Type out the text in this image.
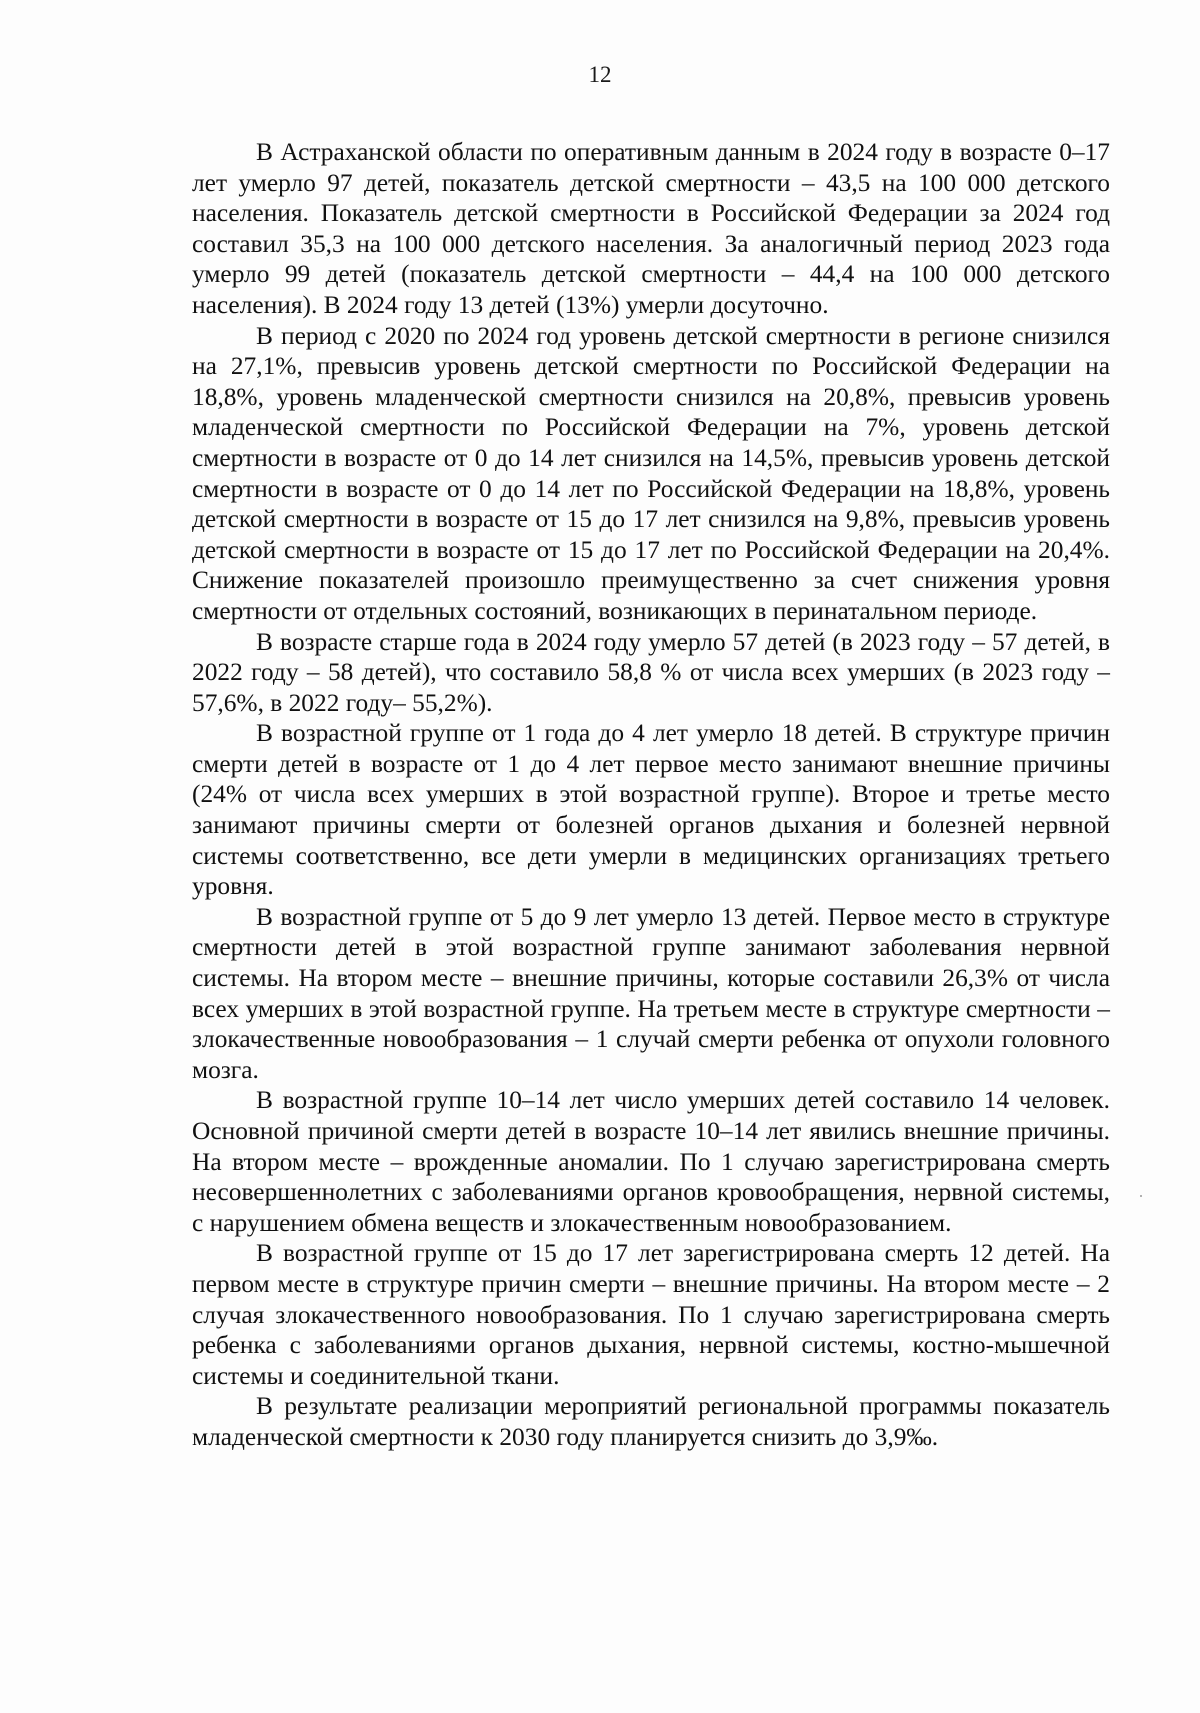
12

В Астраханской области по оперативным данным в 2024 году в возрасте 0–17 лет умерло 97 детей, показатель детской смертности – 43,5 на 100 000 детского населения. Показатель детской смертности в Российской Федерации за 2024 год составил 35,3 на 100 000 детского населения. За аналогичный период 2023 года умерло 99 детей (показатель детской смертности – 44,4 на 100 000 детского населения). В 2024 году 13 детей (13%) умерли досуточно.

В период с 2020 по 2024 год уровень детской смертности в регионе снизился на 27,1%, превысив уровень детской смертности по Российской Федерации на 18,8%, уровень младенческой смертности снизился на 20,8%, превысив уровень младенческой смертности по Российской Федерации на 7%, уровень детской смертности в возрасте от 0 до 14 лет снизился на 14,5%, превысив уровень детской смертности в возрасте от 0 до 14 лет по Российской Федерации на 18,8%, уровень детской смертности в возрасте от 15 до 17 лет снизился на 9,8%, превысив уровень детской смертности в возрасте от 15 до 17 лет по Российской Федерации на 20,4%. Снижение показателей произошло преимущественно за счет снижения уровня смертности от отдельных состояний, возникающих в перинатальном периоде.

В возрасте старше года в 2024 году умерло 57 детей (в 2023 году – 57 детей, в 2022 году – 58 детей), что составило 58,8 % от числа всех умерших (в 2023 году – 57,6%, в 2022 году– 55,2%).

В возрастной группе от 1 года до 4 лет умерло 18 детей. В структуре причин смерти детей в возрасте от 1 до 4 лет первое место занимают внешние причины (24% от числа всех умерших в этой возрастной группе). Второе и третье место занимают причины смерти от болезней органов дыхания и болезней нервной системы соответственно, все дети умерли в медицинских организациях третьего уровня.

В возрастной группе от 5 до 9 лет умерло 13 детей. Первое место в структуре смертности детей в этой возрастной группе занимают заболевания нервной системы. На втором месте – внешние причины, которые составили 26,3% от числа всех умерших в этой возрастной группе. На третьем месте в структуре смертности – злокачественные новообразования – 1 случай смерти ребенка от опухоли головного мозга.

В возрастной группе 10–14 лет число умерших детей составило 14 человек. Основной причиной смерти детей в возрасте 10–14 лет явились внешние причины. На втором месте – врожденные аномалии. По 1 случаю зарегистрирована смерть несовершеннолетних с заболеваниями органов кровообращения, нервной системы, с нарушением обмена веществ и злокачественным новообразованием.

В возрастной группе от 15 до 17 лет зарегистрирована смерть 12 детей. На первом месте в структуре причин смерти – внешние причины. На втором месте – 2 случая злокачественного новообразования. По 1 случаю зарегистрирована смерть ребенка с заболеваниями органов дыхания, нервной системы, костно-мышечной системы и соединительной ткани.

В результате реализации мероприятий региональной программы показатель младенческой смертности к 2030 году планируется снизить до 3,9‰.
